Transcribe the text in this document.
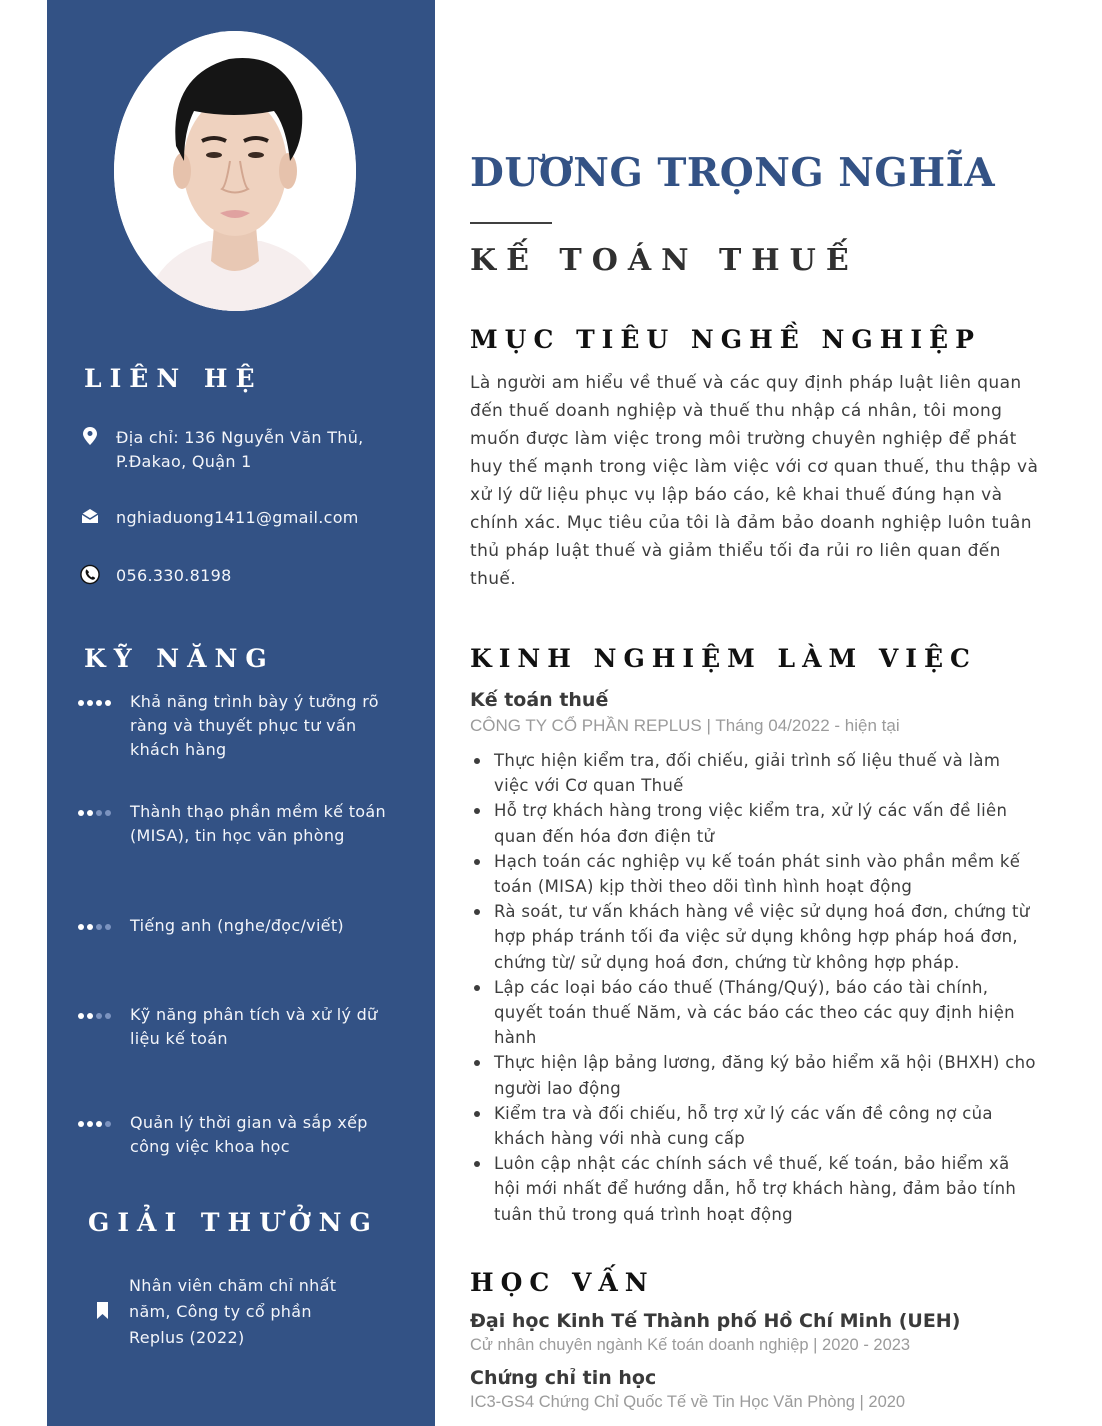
LIÊN HỆ
Địa chỉ: 136 Nguyễn Văn Thủ, P.Đakao, Quận 1
nghiaduong1411@gmail.com
056.330.8198
KỸ NĂNG
Khả năng trình bày ý tưởng rõ ràng và thuyết phục tư vấn khách hàng
Thành thạo phần mềm kế toán (MISA), tin học văn phòng
Tiếng anh (nghe/đọc/viết)
Kỹ năng phân tích và xử lý dữ liệu kế toán
Quản lý thời gian và sắp xếp công việc khoa học
GIẢI THƯỞNG
Nhân viên chăm chỉ nhất năm, Công ty cổ phần Replus (2022)
DƯƠNG TRỌNG NGHĨA
KẾ TOÁN THUẾ
MỤC TIÊU NGHỀ NGHIỆP

Là người am hiểu về thuế và các quy định pháp luật liên quan đến thuế doanh nghiệp và thuế thu nhập cá nhân, tôi mong muốn được làm việc trong môi trường chuyên nghiệp để phát huy thế mạnh trong việc làm việc với cơ quan thuế, thu thập và xử lý dữ liệu phục vụ lập báo cáo, kê khai thuế đúng hạn và chính xác. Mục tiêu của tôi là đảm bảo doanh nghiệp luôn tuân thủ pháp luật thuế và giảm thiểu tối đa rủi ro liên quan đến thuế.

KINH NGHIỆM LÀM VIỆC
Kế toán thuế
CÔNG TY CỔ PHẦN REPLUS | Tháng 04/2022 - hiện tại
Thực hiện kiểm tra, đối chiếu, giải trình số liệu thuế và làm việc với Cơ quan Thuế
Hỗ trợ khách hàng trong việc kiểm tra, xử lý các vấn đề liên quan đến hóa đơn điện tử
Hạch toán các nghiệp vụ kế toán phát sinh vào phần mềm kế toán (MISA) kịp thời theo dõi tình hình hoạt động
Rà soát, tư vấn khách hàng về việc sử dụng hoá đơn, chứng từ hợp pháp tránh tối đa việc sử dụng không hợp pháp hoá đơn, chứng từ/ sử dụng hoá đơn, chứng từ không hợp pháp.
Lập các loại báo cáo thuế (Tháng/Quý), báo cáo tài chính, quyết toán thuế Năm, và các báo các theo các quy định hiện hành
Thực hiện lập bảng lương, đăng ký bảo hiểm xã hội (BHXH) cho người lao động
Kiểm tra và đối chiếu, hỗ trợ xử lý các vấn đề công nợ của khách hàng với nhà cung cấp
Luôn cập nhật các chính sách về thuế, kế toán, bảo hiểm xã hội mới nhất để hướng dẫn, hỗ trợ khách hàng, đảm bảo tính tuân thủ trong quá trình hoạt động
HỌC VẤN
Đại học Kinh Tế Thành phố Hồ Chí Minh (UEH)
Cử nhân chuyên ngành Kế toán doanh nghiệp | 2020 - 2023
Chứng chỉ tin học
IC3-GS4 Chứng Chỉ Quốc Tế về Tin Học Văn Phòng | 2020
